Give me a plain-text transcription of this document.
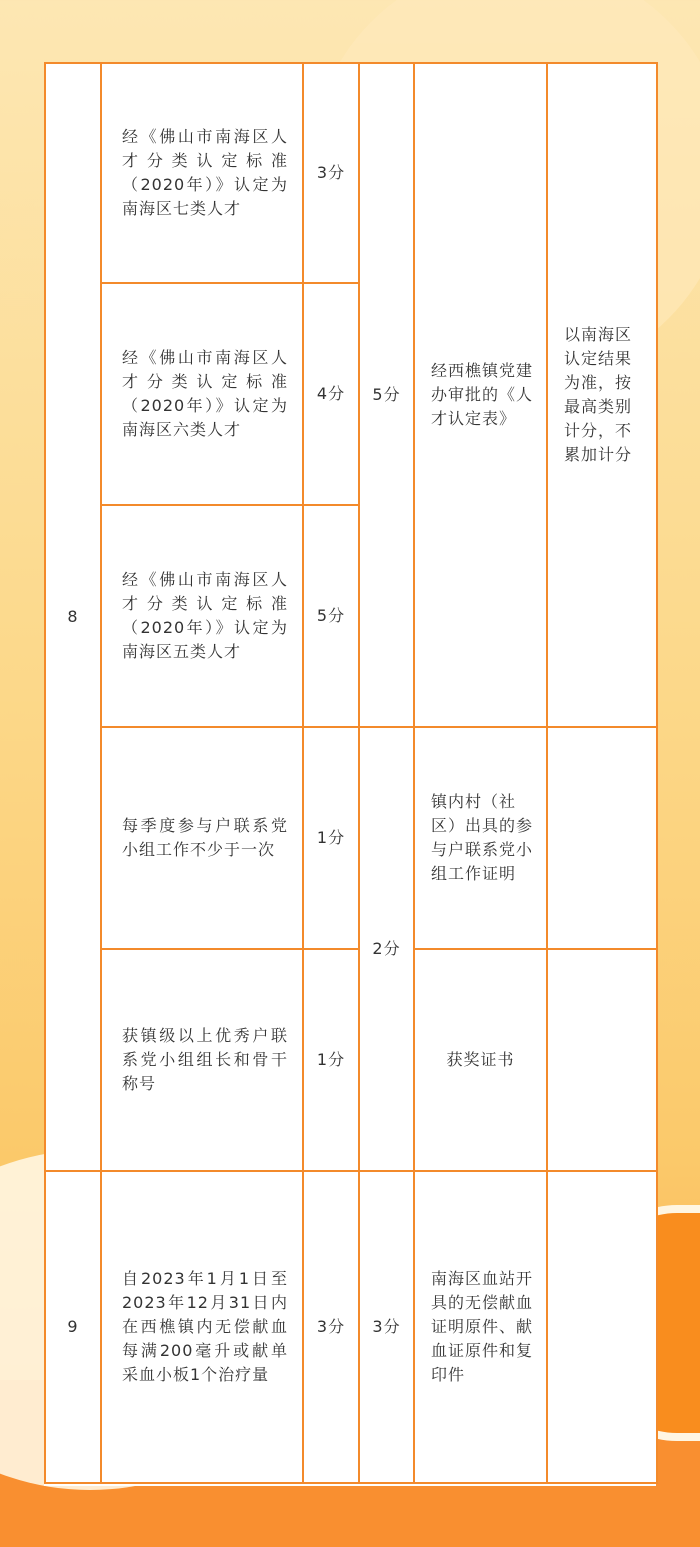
8	经《佛山市南海区人才分类认定标准（2020年）》认定为南海区七类人才	3分	5分	经西樵镇党建办审批的《人才认定表》	以南海区认定结果为准，按最高类别计分，不累加计分
	经《佛山市南海区人才分类认定标准（2020年）》认定为南海区六类人才	4分			
	经《佛山市南海区人才分类认定标准（2020年）》认定为南海区五类人才	5分			
	每季度参与户联系党小组工作不少于一次	1分	2分	镇内村（社区）出具的参与户联系党小组工作证明	
	获镇级以上优秀户联系党小组组长和骨干称号	1分		获奖证书	
9	自2023年1月1日至2023年12月31日内在西樵镇内无偿献血每满200毫升或献单采血小板1个治疗量	3分	3分	南海区血站开具的无偿献血证明原件、献血证原件和复印件	
